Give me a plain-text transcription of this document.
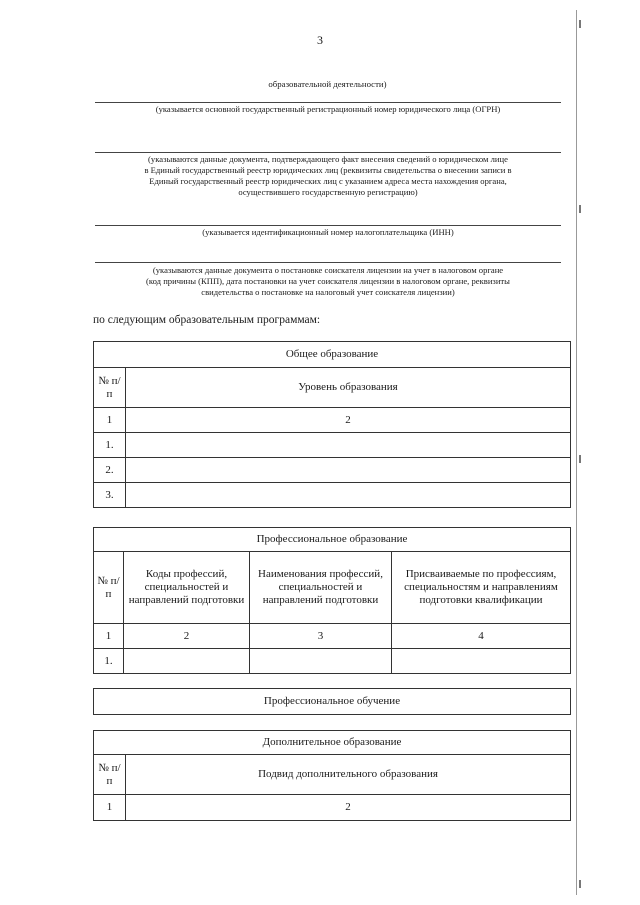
3
образовательной деятельности)
(указывается основной государственный регистрационный номер юридического лица (ОГРН)
(указываются данные документа, подтверждающего факт внесения сведений о юридическом лице
в Единый государственный реестр юридических лиц (реквизиты свидетельства о внесении записи в
Единый государственный реестр юридических лиц с указанием адреса места нахождения органа,
осуществившего государственную регистрацию)
(указывается идентификационный номер налогоплательщика (ИНН)
(указываются данные документа о постановке соискателя лицензии на учет в налоговом органе
(код причины (КПП), дата постановки на учет соискателя лицензии в налоговом органе, реквизиты
свидетельства о постановке на налоговый учет соискателя лицензии)
по следующим образовательным программам:
Общее образование	
№ п/п	Уровень образования
1	2
1.	
2.	
3.	
Профессиональное образование			
№ п/п	Коды профессий, специальностей и направлений подготовки	Наименования профессий, специальностей и направлений подготовки	Присваиваемые по профессиям, специальностям и направлениям подготовки квалификации
1	2	3	4
1.			
Профессиональное обучение
Дополнительное образование	
№ п/п	Подвид дополнительного образования
1	2
